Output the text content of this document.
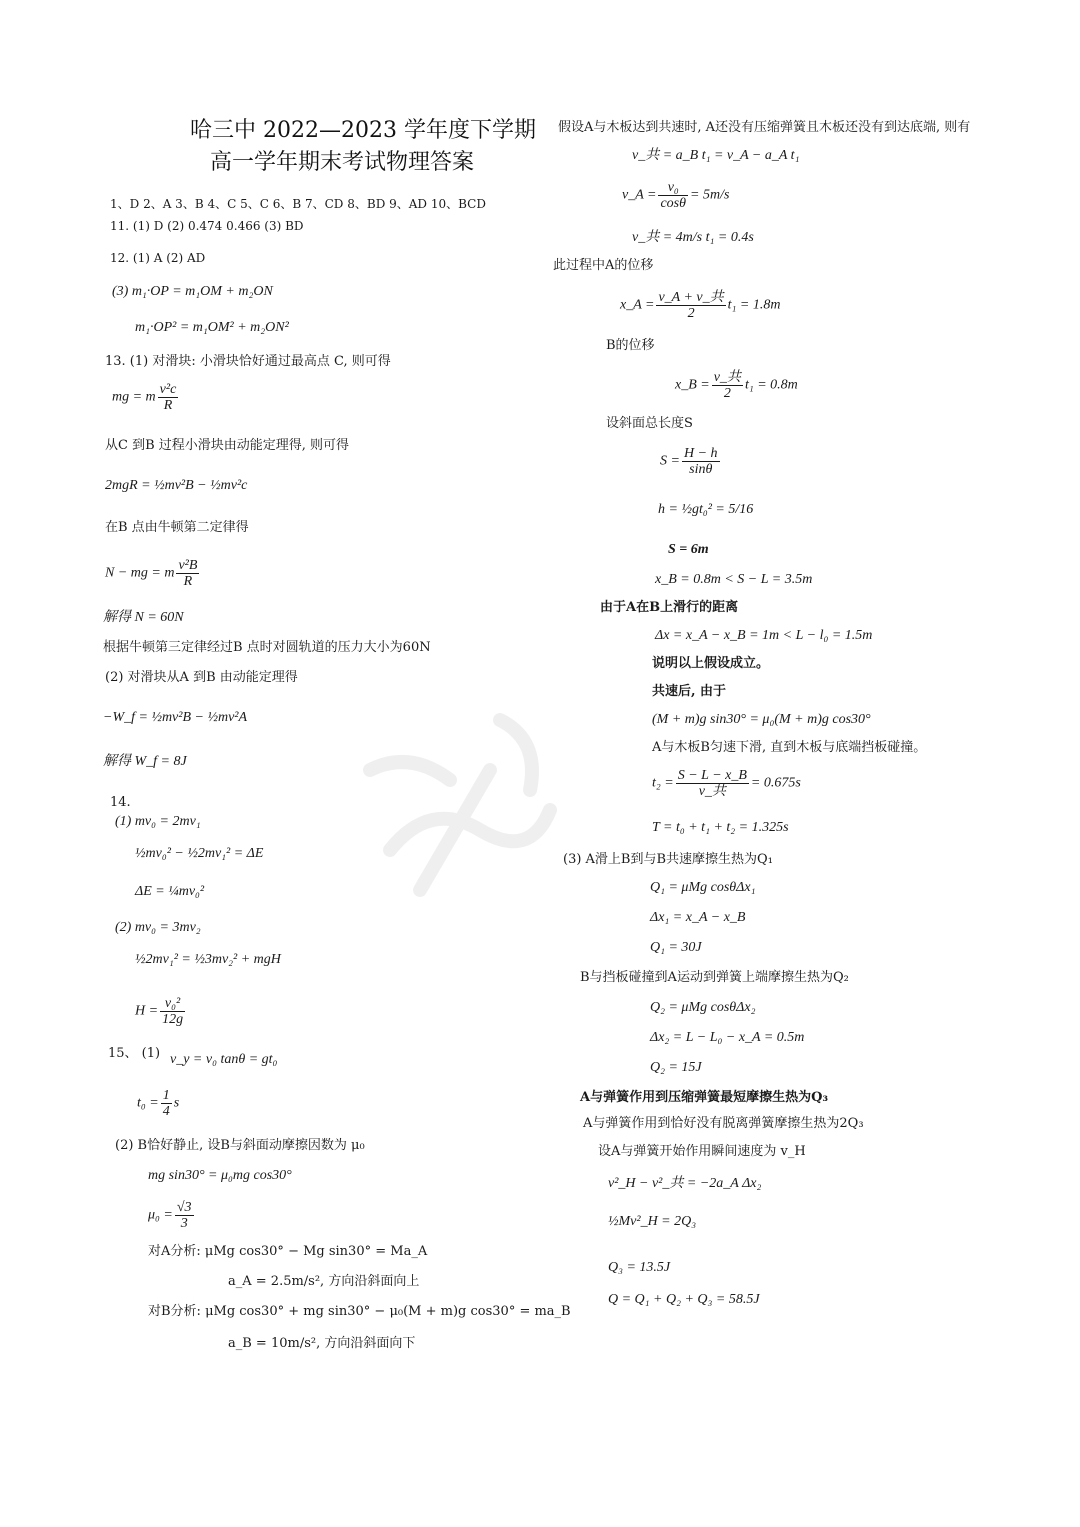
哈三中 2022—2023 学年度下学期
高一学年期末考试物理答案
1、D 2、A 3、B 4、C 5、C 6、B 7、CD 8、BD 9、AD 10、BCD
11. (1) D (2) 0.474 0.466 (3) BD
12. (1) A (2) AD
(3) m₁·OP = m₁OM + m₂ON
m₁·OP² = m₁OM² + m₂ON²
13. (1) 对滑块: 小滑块恰好通过最高点 C, 则可得
mg = m $\frac{\text{v²c}}{R}$
从C 到B 过程小滑块由动能定理得, 则可得
2mgR = ½mv²B − ½mv²c
在B 点由牛顿第二定律得
N − mg = m $\frac{\text{v²B}}{R}$
解得 N = 60N
根据牛顿第三定律经过B 点时对圆轨道的压力大小为60N
(2) 对滑块从A 到B 由动能定理得
−W_f = ½mv²B − ½mv²A
解得 W_f = 8J
14.
(1) mv₀ = 2mv₁
½mv₀² − ½2mv₁² = ΔE
ΔE = ¼mv₀²
(2) mv₀ = 3mv₂
½2mv₁² = ½3mv₂² + mgH
$H = \frac{\text{v₀²}}{12g}$
15、 (1) v_y = v₀ tanθ = gt₀
$t_0 = \frac{1}{4}$ s
(2) B恰好静止, 设B与斜面动摩擦因数为 μ₀
mg sin30° = μ₀mg cos30°
$\mu_0 = \frac{√3}{3}$
对A分析: μMg cos30° − Mg sin30° = Ma_A
a_A = 2.5m/s², 方向沿斜面向上
对B分析: μMg cos30° + mg sin30° − μ₀(M + m)g cos30° = ma_B
a_B = 10m/s², 方向沿斜面向下
假设A与木板达到共速时, A还没有压缩弹簧且木板还没有到达底端, 则有
v_共 = a_B t₁ = v_A − a_A t₁
v_A = $\frac{\text{v₀}}{\cos\theta} = 5m/s$
v_共 = 4m/s t₁ = 0.4s
此过程中A的位移
x_A = $\frac{\text{v\_A + v\_共}}{2} t_1 = 1.8m$
B的位移
x_B = $\frac{\text{v\_共}}{2} t_1 = 0.8m$
设斜面总长度S
$S = \frac{H - h}{\sin\theta}$
h = ½gt₀² = 5/16
S = 6m
x_B = 0.8m < S − L = 3.5m
由于A在B上滑行的距离
Δx = x_A − x_B = 1m < L − l₀ = 1.5m
说明以上假设成立。
共速后, 由于
(M + m)g sin30° = μ₀(M + m)g cos30°
A与木板B匀速下滑, 直到木板与底端挡板碰撞。
$t_2 = \frac{S - L - x\_B}{\text{v\_共}} = 0.675s$
T = t₀ + t₁ + t₂ = 1.325s
(3) A滑上B到与B共速摩擦生热为Q₁
Q₁ = μMg cosθΔx₁
Δx₁ = x_A − x_B
Q₁ = 30J
B与挡板碰撞到A运动到弹簧上端摩擦生热为Q₂
Q₂ = μMg cosθΔx₂
Δx₂ = L − L₀ − x_A = 0.5m
Q₂ = 15J
A与弹簧作用到压缩弹簧最短摩擦生热为Q₃
A与弹簧作用到恰好没有脱离弹簧摩擦生热为2Q₃
设A与弹簧开始作用瞬间速度为 v_H
v²_H − v²_共 = −2a_A Δx₂
½Mv²_H = 2Q₃
Q₃ = 13.5J
Q = Q₁ + Q₂ + Q₃ = 58.5J
